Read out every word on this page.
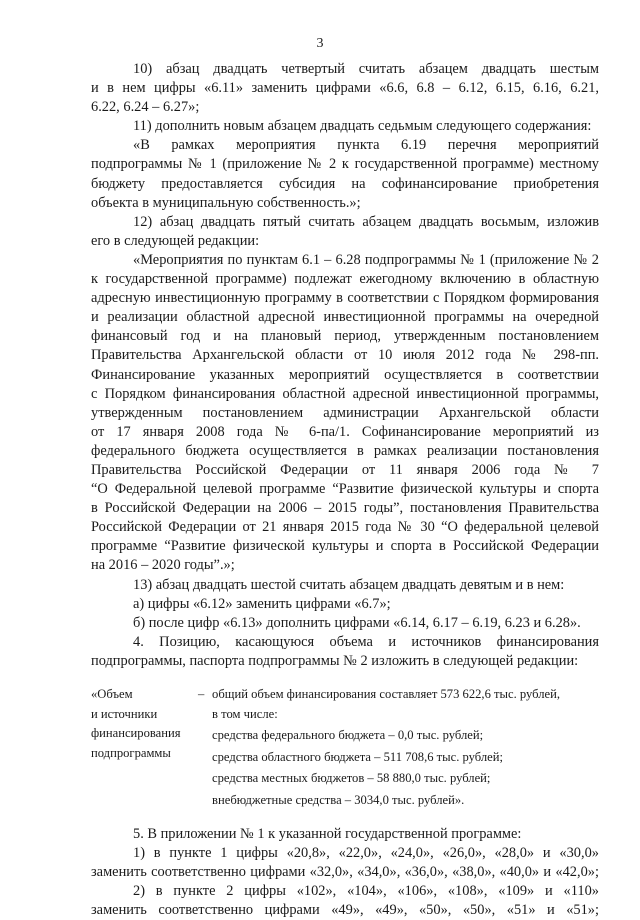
3
10) абзац двадцать четвертый считать абзацем двадцать шестым
и в нем цифры «6.11» заменить цифрами «6.6, 6.8 – 6.12, 6.15, 6.16, 6.21,
6.22, 6.24 – 6.27»;
11) дополнить новым абзацем двадцать седьмым следующего содержания:
«В рамках мероприятия пункта 6.19 перечня мероприятий
подпрограммы № 1 (приложение № 2 к государственной программе) местному
бюджету предоставляется субсидия на софинансирование приобретения
объекта в муниципальную собственность.»;
12) абзац двадцать пятый считать абзацем двадцать восьмым, изложив
его в следующей редакции:
«Мероприятия по пунктам 6.1 – 6.28 подпрограммы № 1 (приложение № 2
к государственной программе) подлежат ежегодному включению в областную
адресную инвестиционную программу в соответствии с Порядком формирования
и реализации областной адресной инвестиционной программы на очередной
финансовый год и на плановый период, утвержденным постановлением
Правительства Архангельской области от 10 июля 2012 года № 298-пп.
Финансирование указанных мероприятий осуществляется в соответствии
с Порядком финансирования областной адресной инвестиционной программы,
утвержденным постановлением администрации Архангельской области
от 17 января 2008 года № 6-па/1. Софинансирование мероприятий из
федерального бюджета осуществляется в рамках реализации постановления
Правительства Российской Федерации от 11 января 2006 года № 7
“О Федеральной целевой программе “Развитие физической культуры и спорта
в Российской Федерации на 2006 – 2015 годы”, постановления Правительства
Российской Федерации от 21 января 2015 года № 30 “О федеральной целевой
программе “Развитие физической культуры и спорта в Российской Федерации
на 2016 – 2020 годы”.»;
13) абзац двадцать шестой считать абзацем двадцать девятым и в нем:
а) цифры «6.12» заменить цифрами «6.7»;
б) после цифр «6.13» дополнить цифрами «6.14, 6.17 – 6.19, 6.23 и 6.28».
4. Позицию, касающуюся объема и источников финансирования
подпрограммы, паспорта подпрограммы № 2 изложить в следующей редакции:
«Объем
и источники
финансирования
подпрограммы
– общий объем финансирования составляет 573 622,6 тыс. рублей,
в том числе:
средства федерального бюджета – 0,0 тыс. рублей;
средства областного бюджета – 511 708,6 тыс. рублей;
средства местных бюджетов – 58 880,0 тыс. рублей;
внебюджетные средства – 3034,0 тыс. рублей».
5. В приложении № 1 к указанной государственной программе:
1) в пункте 1 цифры «20,8», «22,0», «24,0», «26,0», «28,0» и «30,0»
заменить соответственно цифрами «32,0», «34,0», «36,0», «38,0», «40,0» и «42,0»;
2) в пункте 2 цифры «102», «104», «106», «108», «109» и «110»
заменить соответственно цифрами «49», «49», «50», «50», «51» и «51»;
